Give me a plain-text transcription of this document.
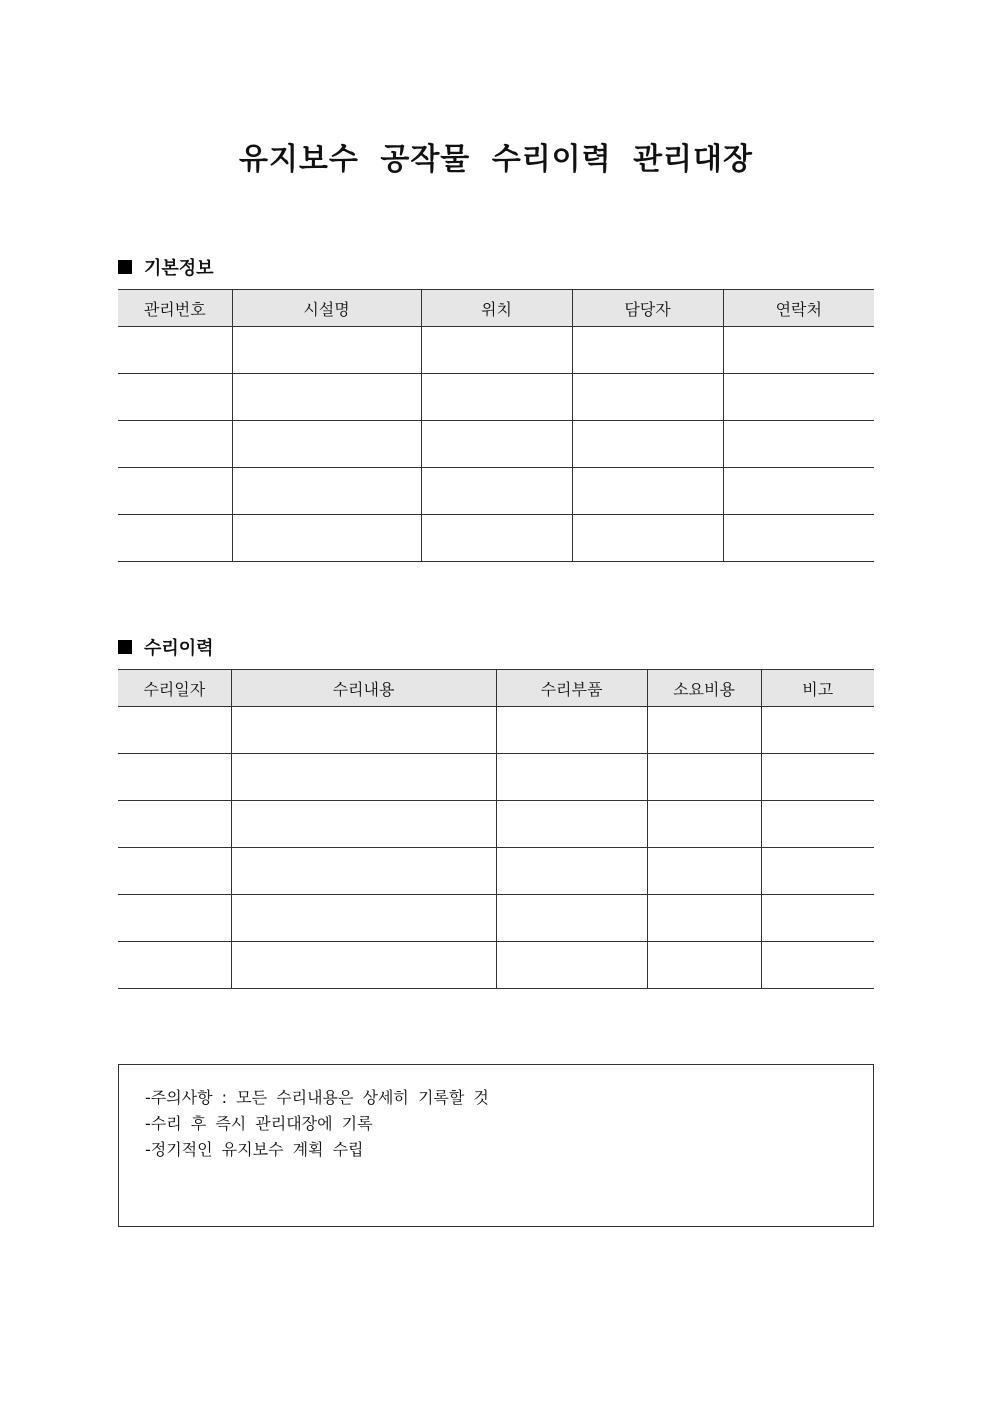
유지보수 공작물 수리이력 관리대장
기본정보
관리번호	시설명	위치	담당자	연락처

수리이력
수리일자	수리내용	수리부품	소요비용	비고

-주의사항 : 모든 수리내용은 상세히 기록할 것
-수리 후 즉시 관리대장에 기록
-정기적인 유지보수 계획 수립
